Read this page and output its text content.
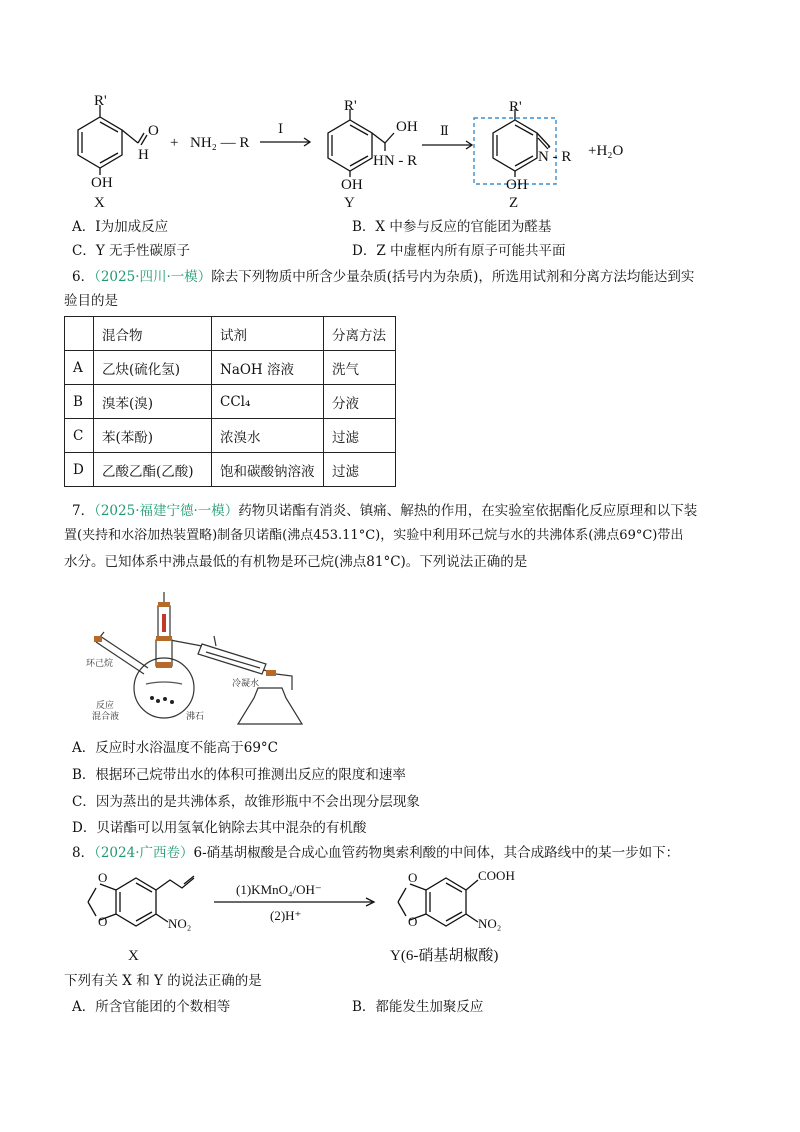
R'
O
H
OH
X
+ NH₂ — R
Ⅰ
R'
OH
HN - R
OH
Y
Ⅱ
R'
N - R
OH
Z
+H₂O
A．Ⅰ为加成反应	B．X 中参与反应的官能团为醛基
C．Y 无手性碳原子	D．Z 中虚框内所有原子可能共平面
6．（2025·四川·一模）除去下列物质中所含少量杂质(括号内为杂质)，所选用试剂和分离方法均能达到实
验目的是
	混合物	试剂	分离方法
A	乙炔(硫化氢)	NaOH 溶液	洗气
B	溴苯(溴)	CCl₄	分液
C	苯(苯酚)	浓溴水	过滤
D	乙酸乙酯(乙酸)	饱和碳酸钠溶液	过滤
7．（2025·福建宁德·一模）药物贝诺酯有消炎、镇痛、解热的作用，在实验室依据酯化反应原理和以下装
置(夹持和水浴加热装置略)制备贝诺酯(沸点453.11°C)，实验中利用环己烷与水的共沸体系(沸点69°C)带出
水分。已知体系中沸点最低的有机物是环己烷(沸点81°C)。下列说法正确的是
环己烷
反应
混合液	沸石
冷凝水
A．反应时水浴温度不能高于69°C
B．根据环己烷带出水的体积可推测出反应的限度和速率
C．因为蒸出的是共沸体系，故锥形瓶中不会出现分层现象
D．贝诺酯可以用氢氧化钠除去其中混杂的有机酸
8．（2024·广西卷）6-硝基胡椒酸是合成心血管药物奥索利酸的中间体，其合成路线中的某一步如下：
O
O	NO₂
O
O	NO₂
COOH
(1)KMnO₄/OH⁻
(2)H⁺
X	Y(6-硝基胡椒酸)
下列有关 X 和 Y 的说法正确的是
A．所含官能团的个数相等	B．都能发生加聚反应
